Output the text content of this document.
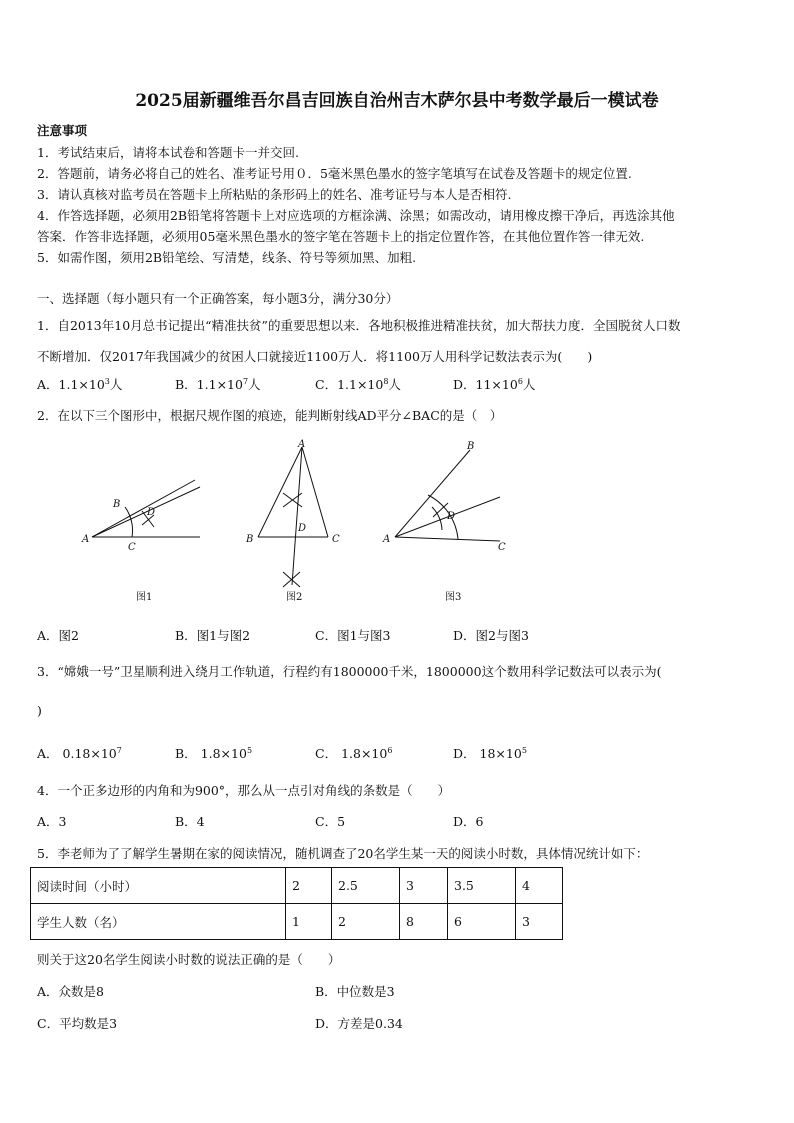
2025届新疆维吾尔昌吉回族自治州吉木萨尔县中考数学最后一模试卷
注意事项
1．考试结束后，请将本试卷和答题卡一并交回.
2．答题前，请务必将自己的姓名、准考证号用０．5毫米黑色墨水的签字笔填写在试卷及答题卡的规定位置.
3．请认真核对监考员在答题卡上所粘贴的条形码上的姓名、准考证号与本人是否相符.
4．作答选择题，必须用2B铅笔将答题卡上对应选项的方框涂满、涂黑；如需改动，请用橡皮擦干净后，再选涂其他
答案．作答非选择题，必须用05毫米黑色墨水的签字笔在答题卡上的指定位置作答，在其他位置作答一律无效.
5．如需作图，须用2B铅笔绘、写清楚，线条、符号等须加黑、加粗.
一、选择题（每小题只有一个正确答案，每小题3分，满分30分）
1．自2013年10月总书记提出“精准扶贫”的重要思想以来．各地积极推进精准扶贫，加大帮扶力度．全国脱贫人口数
不断增加．仅2017年我国减少的贫困人口就接近1100万人．将1100万人用科学记数法表示为(　　)
A．$1.1\times 10^3$人	B．$1.1\times 10^7$人	C．$1.1\times 10^8$人	D．$11\times 10^6$人
2．在以下三个图形中，根据尺规作图的痕迹，能判断射线AD平分∠BAC的是（　）
A
B
C
D
A
B	C
D
A
B
C
D
图1	图2	图3
A．图2	B．图1与图2	C．图1与图3	D．图2与图3
3．“嫦娥一号”卫星顺利进入绕月工作轨道，行程约有1800000千米，1800000这个数用科学记数法可以表示为(
)
A． $0.18\times 10^7$	B． $1.8\times 10^5$	C． $1.8\times 10^6$	D． $18\times 10^5$
4．一个正多边形的内角和为900°，那么从一点引对角线的条数是（　　）
A．3	B．4	C．5	D．6
5．李老师为了了解学生暑期在家的阅读情况，随机调查了20名学生某一天的阅读小时数，具体情况统计如下：
阅读时间（小时）	2	2.5	3	3.5	4
学生人数（名）	1	2	8	6	3
则关于这20名学生阅读小时数的说法正确的是（　　）
A．众数是8	B．中位数是3
C．平均数是3	D．方差是0.34
